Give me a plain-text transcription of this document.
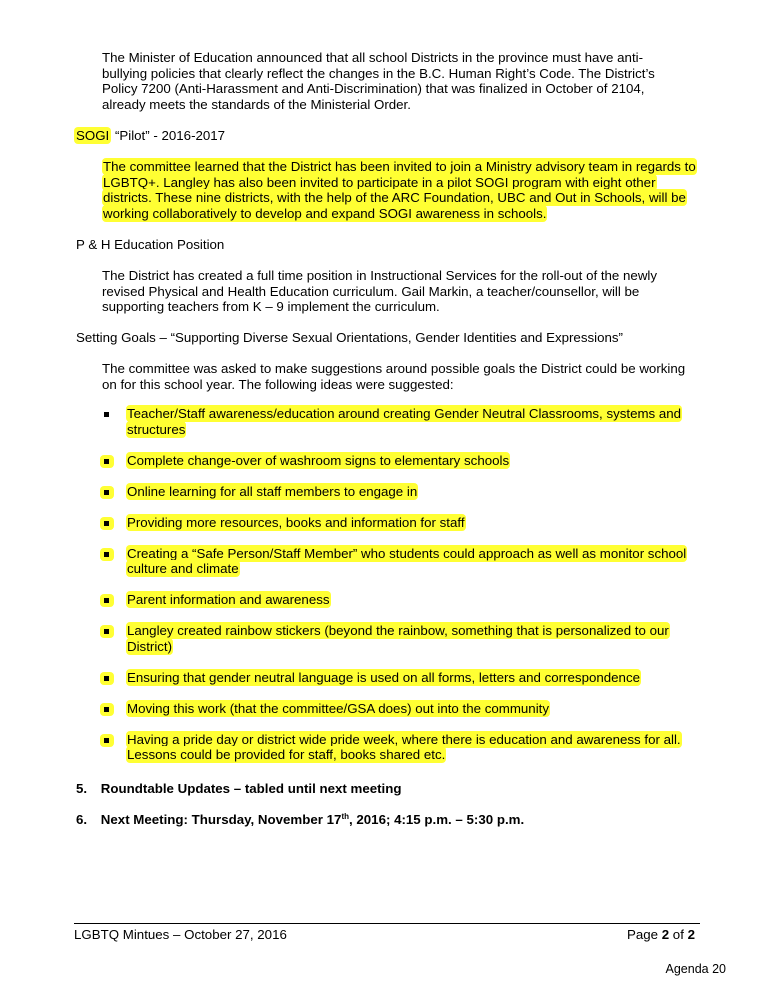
The Minister of Education announced that all school Districts in the province must have anti-bullying policies that clearly reflect the changes in the B.C. Human Right’s Code. The District’s Policy 7200 (Anti-Harassment and Anti-Discrimination) that was finalized in October of 2104, already meets the standards of the Ministerial Order.
SOGI “Pilot” - 2016-2017
The committee learned that the District has been invited to join a Ministry advisory team in regards to LGBTQ+. Langley has also been invited to participate in a pilot SOGI program with eight other districts. These nine districts, with the help of the ARC Foundation, UBC and Out in Schools, will be working collaboratively to develop and expand SOGI awareness in schools.
P & H Education Position
The District has created a full time position in Instructional Services for the roll-out of the newly revised Physical and Health Education curriculum. Gail Markin, a teacher/counsellor, will be supporting teachers from K – 9 implement the curriculum.
Setting Goals – “Supporting Diverse Sexual Orientations, Gender Identities and Expressions”
The committee was asked to make suggestions around possible goals the District could be working on for this school year. The following ideas were suggested:
Teacher/Staff awareness/education around creating Gender Neutral Classrooms, systems and structures
Complete change-over of washroom signs to elementary schools
Online learning for all staff members to engage in
Providing more resources, books and information for staff
Creating a “Safe Person/Staff Member” who students could approach as well as monitor school culture and climate
Parent information and awareness
Langley created rainbow stickers (beyond the rainbow, something that is personalized to our District)
Ensuring that gender neutral language is used on all forms, letters and correspondence
Moving this work (that the committee/GSA does) out into the community
Having a pride day or district wide pride week, where there is education and awareness for all. Lessons could be provided for staff, books shared etc.
5. Roundtable Updates – tabled until next meeting
6. Next Meeting: Thursday, November 17th, 2016; 4:15 p.m. – 5:30 p.m.
LGBTQ Mintues – October 27, 2016	Page 2 of 2
Agenda 20
